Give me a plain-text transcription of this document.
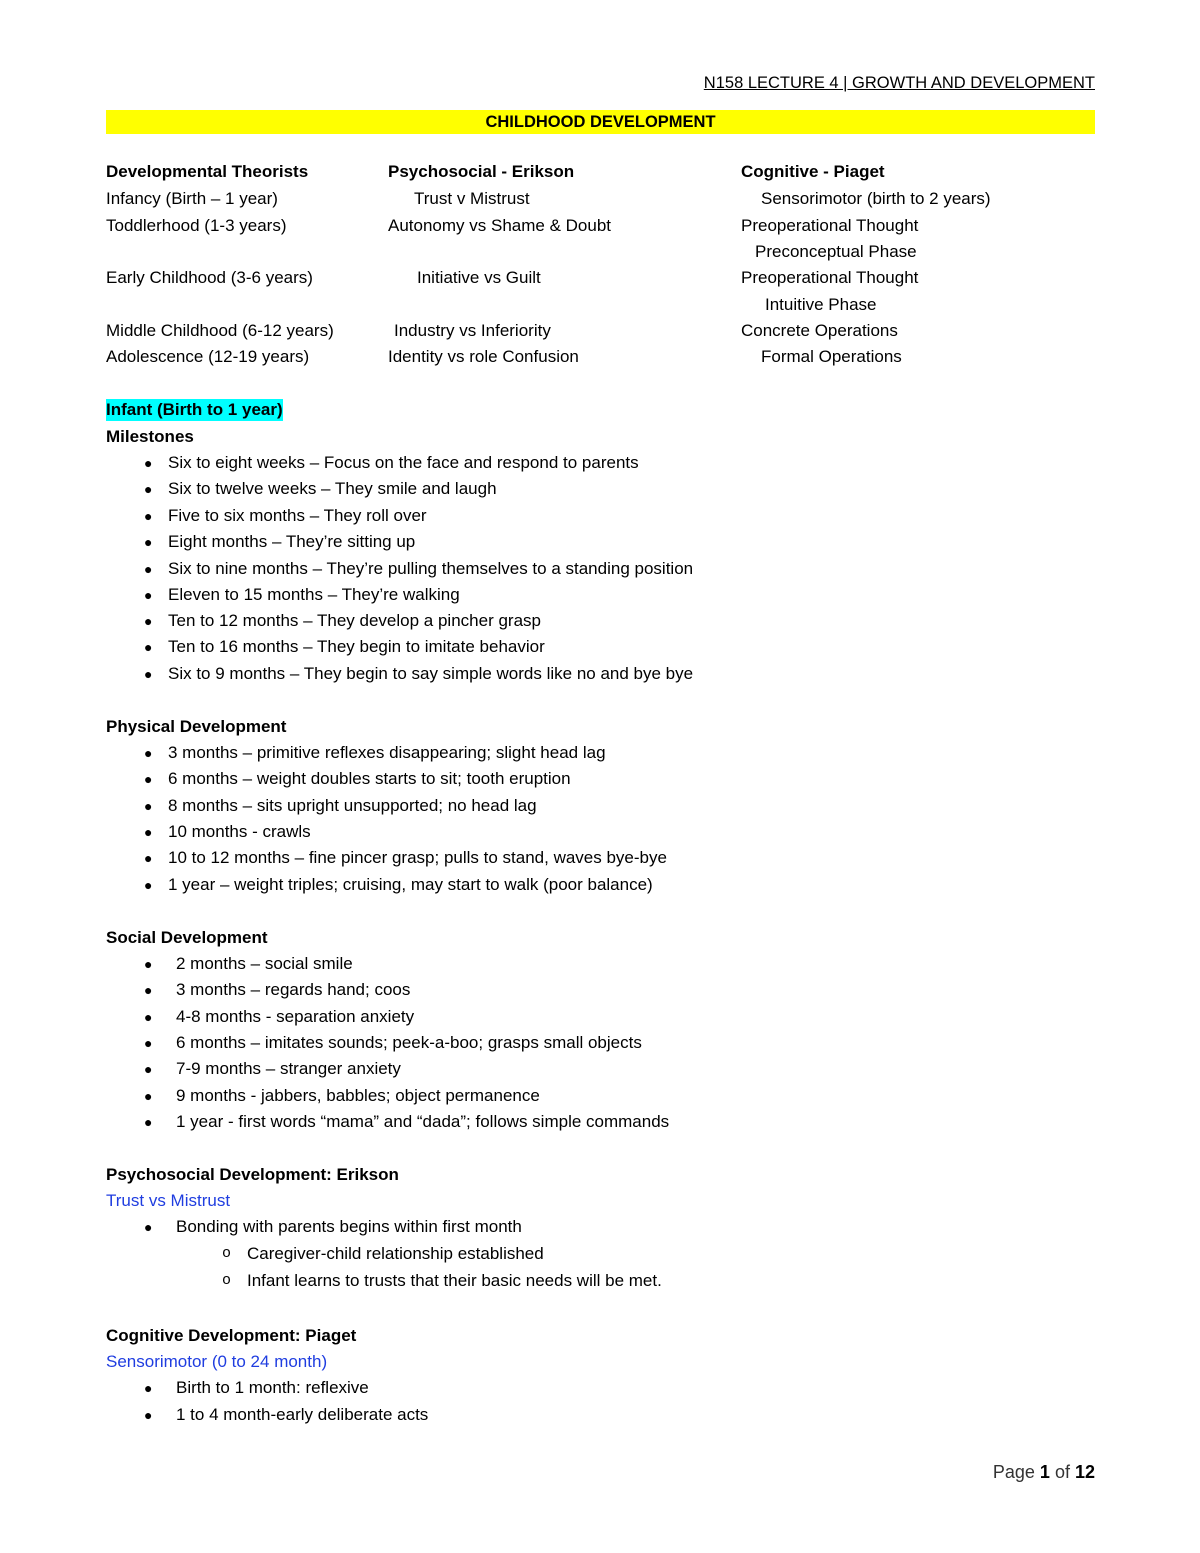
N158 LECTURE 4 | GROWTH AND DEVELOPMENT
CHILDHOOD DEVELOPMENT
Developmental Theorists	Psychosocial - Erikson	Cognitive - Piaget
Infancy (Birth – 1 year)	Trust v Mistrust	Sensorimotor (birth to 2 years)
Toddlerhood (1-3 years)	Autonomy vs Shame & Doubt	Preoperational Thought
Preconceptual Phase
Early Childhood (3-6 years)	Initiative vs Guilt	Preoperational Thought
Intuitive Phase
Middle Childhood (6-12 years)	Industry vs Inferiority	Concrete Operations
Adolescence (12-19 years)	Identity vs role Confusion	Formal Operations
Infant (Birth to 1 year)
Milestones
● Six to eight weeks – Focus on the face and respond to parents
● Six to twelve weeks – They smile and laugh
● Five to six months – They roll over
● Eight months – They’re sitting up
● Six to nine months – They’re pulling themselves to a standing position
● Eleven to 15 months – They’re walking
● Ten to 12 months – They develop a pincher grasp
● Ten to 16 months – They begin to imitate behavior
● Six to 9 months – They begin to say simple words like no and bye bye
Physical Development
● 3 months – primitive reflexes disappearing; slight head lag
● 6 months – weight doubles starts to sit; tooth eruption
● 8 months – sits upright unsupported; no head lag
● 10 months - crawls
● 10 to 12 months – fine pincer grasp; pulls to stand, waves bye-bye
● 1 year – weight triples; cruising, may start to walk (poor balance)
Social Development
● 2 months – social smile
● 3 months – regards hand; coos
● 4-8 months - separation anxiety
● 6 months – imitates sounds; peek-a-boo; grasps small objects
● 7-9 months – stranger anxiety
● 9 months - jabbers, babbles; object permanence
● 1 year - first words “mama” and “dada”; follows simple commands
Psychosocial Development: Erikson
Trust vs Mistrust
● Bonding with parents begins within first month
o Caregiver-child relationship established
o Infant learns to trusts that their basic needs will be met.
Cognitive Development: Piaget
Sensorimotor (0 to 24 month)
● Birth to 1 month: reflexive
● 1 to 4 month-early deliberate acts
Page 1 of 12
